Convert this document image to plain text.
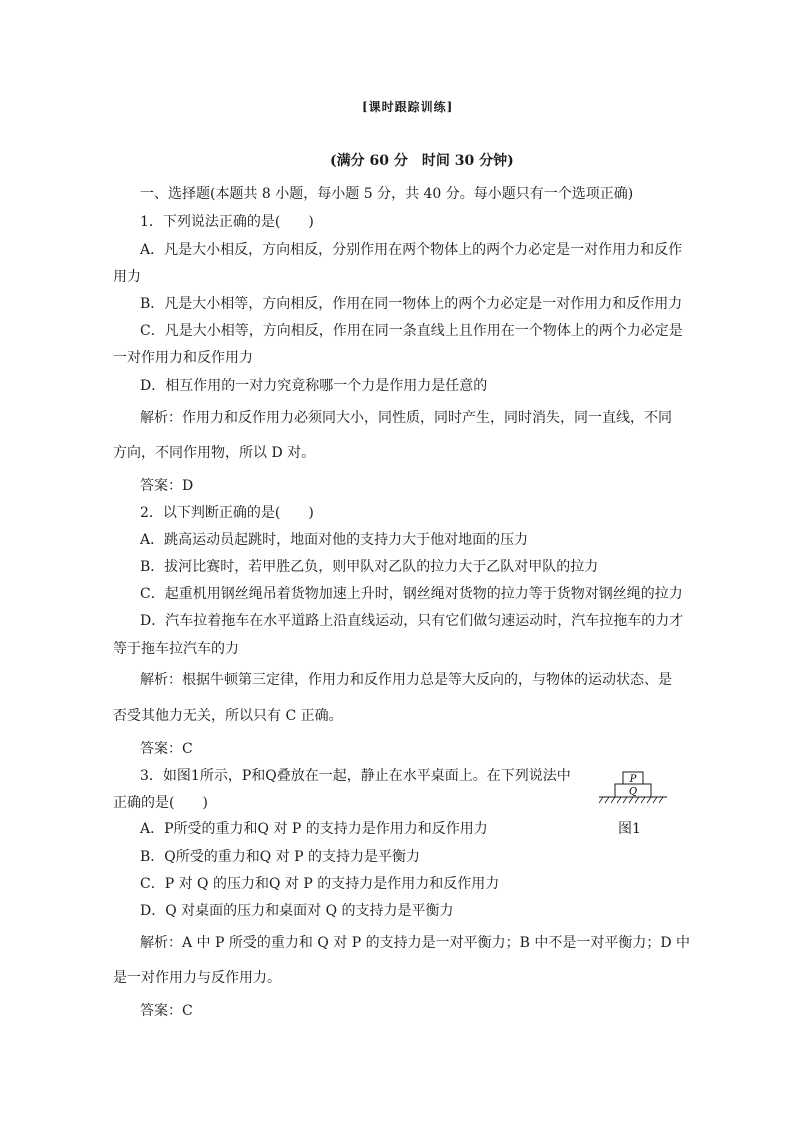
[课时跟踪训练]
(满分 60 分　时间 30 分钟)
一、选择题(本题共 8 小题，每小题 5 分，共 40 分。每小题只有一个选项正确)
1．下列说法正确的是(　　)
A．凡是大小相反，方向相反，分别作用在两个物体上的两个力必定是一对作用力和反作
用力
B．凡是大小相等，方向相反，作用在同一物体上的两个力必定是一对作用力和反作用力
C．凡是大小相等，方向相反，作用在同一条直线上且作用在一个物体上的两个力必定是
一对作用力和反作用力
D．相互作用的一对力究竟称哪一个力是作用力是任意的
解析：作用力和反作用力必须同大小，同性质，同时产生，同时消失，同一直线，不同
方向，不同作用物，所以 D 对。
答案：D
2．以下判断正确的是(　　)
A．跳高运动员起跳时，地面对他的支持力大于他对地面的压力
B．拔河比赛时，若甲胜乙负，则甲队对乙队的拉力大于乙队对甲队的拉力
C．起重机用钢丝绳吊着货物加速上升时，钢丝绳对货物的拉力等于货物对钢丝绳的拉力
D．汽车拉着拖车在水平道路上沿直线运动，只有它们做匀速运动时，汽车拉拖车的力才
等于拖车拉汽车的力
解析：根据牛顿第三定律，作用力和反作用力总是等大反向的，与物体的运动状态、是
否受其他力无关，所以只有 C 正确。
答案：C
3．如图1所示，P和Q叠放在一起，静止在水平桌面上。在下列说法中
正确的是(　　)
P
Q
图1
A．P所受的重力和Q 对 P 的支持力是作用力和反作用力
B．Q所受的重力和Q 对 P 的支持力是平衡力
C．P 对 Q 的压力和Q 对 P 的支持力是作用力和反作用力
D．Q 对桌面的压力和桌面对 Q 的支持力是平衡力
解析：A 中 P 所受的重力和 Q 对 P 的支持力是一对平衡力；B 中不是一对平衡力；D 中
是一对作用力与反作用力。
答案：C
